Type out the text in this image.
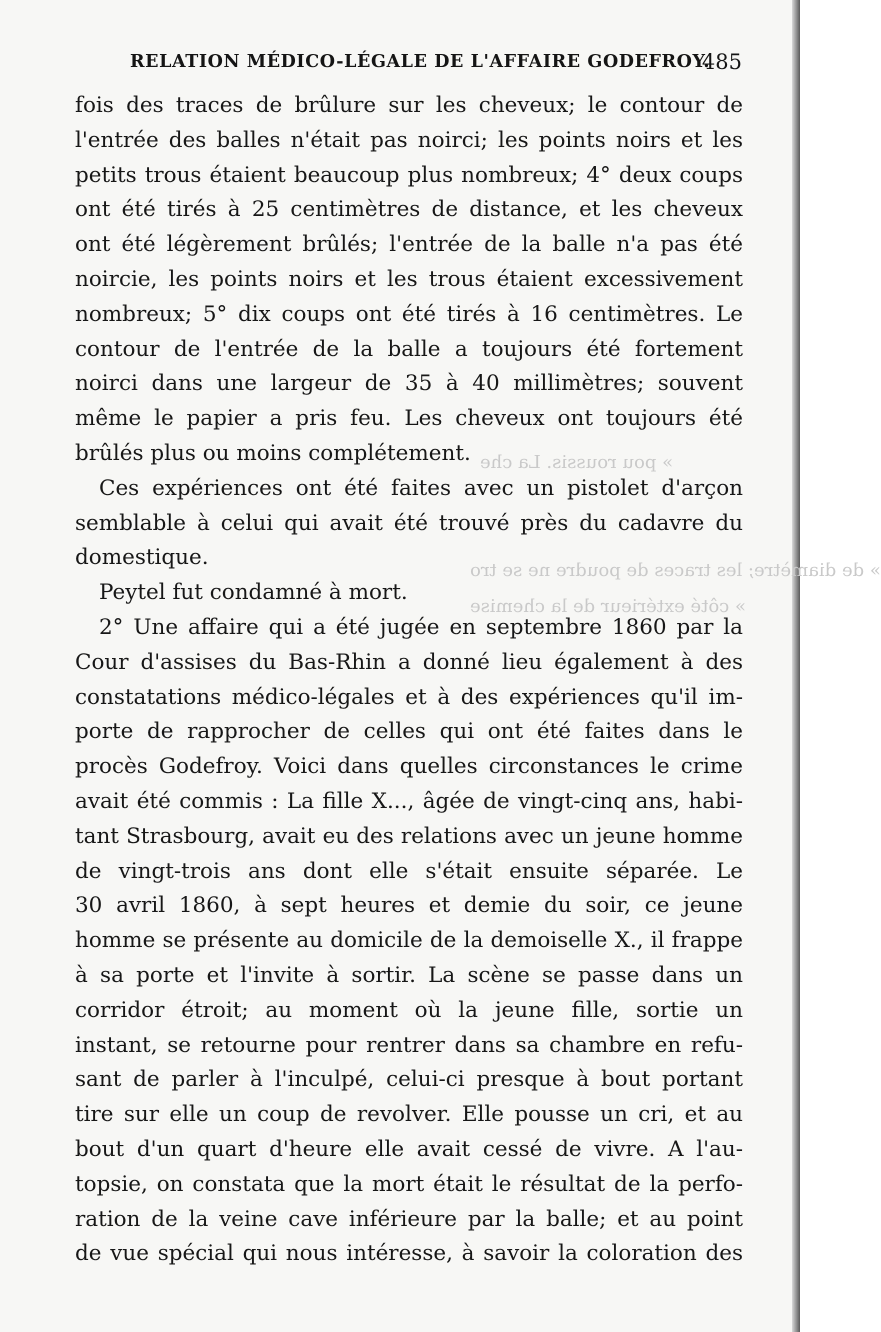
» pou roussis. La che
» de diamètre; les traces de poudre ne se tro
» côté extérieur de la chemise
RELATION MÉDICO-LÉGALE DE L'AFFAIRE GODEFROY.
485
fois des traces de brûlure sur les cheveux; le contour de
l'entrée des balles n'était pas noirci; les points noirs et les
petits trous étaient beaucoup plus nombreux; 4° deux coups
ont été tirés à 25 centimètres de distance, et les cheveux
ont été légèrement brûlés; l'entrée de la balle n'a pas été
noircie, les points noirs et les trous étaient excessivement
nombreux; 5° dix coups ont été tirés à 16 centimètres. Le
contour de l'entrée de la balle a toujours été fortement
noirci dans une largeur de 35 à 40 millimètres; souvent
même le papier a pris feu. Les cheveux ont toujours été
brûlés plus ou moins complétement.
Ces expériences ont été faites avec un pistolet d'arçon
semblable à celui qui avait été trouvé près du cadavre du
domestique.
Peytel fut condamné à mort.
2° Une affaire qui a été jugée en septembre 1860 par la
Cour d'assises du Bas-Rhin a donné lieu également à des
constatations médico-légales et à des expériences qu'il im-
porte de rapprocher de celles qui ont été faites dans le
procès Godefroy. Voici dans quelles circonstances le crime
avait été commis : La fille X..., âgée de vingt-cinq ans, habi-
tant Strasbourg, avait eu des relations avec un jeune homme
de vingt-trois ans dont elle s'était ensuite séparée. Le
30 avril 1860, à sept heures et demie du soir, ce jeune
homme se présente au domicile de la demoiselle X., il frappe
à sa porte et l'invite à sortir. La scène se passe dans un
corridor étroit; au moment où la jeune fille, sortie un
instant, se retourne pour rentrer dans sa chambre en refu-
sant de parler à l'inculpé, celui-ci presque à bout portant
tire sur elle un coup de revolver. Elle pousse un cri, et au
bout d'un quart d'heure elle avait cessé de vivre. A l'au-
topsie, on constata que la mort était le résultat de la perfo-
ration de la veine cave inférieure par la balle; et au point
de vue spécial qui nous intéresse, à savoir la coloration des
